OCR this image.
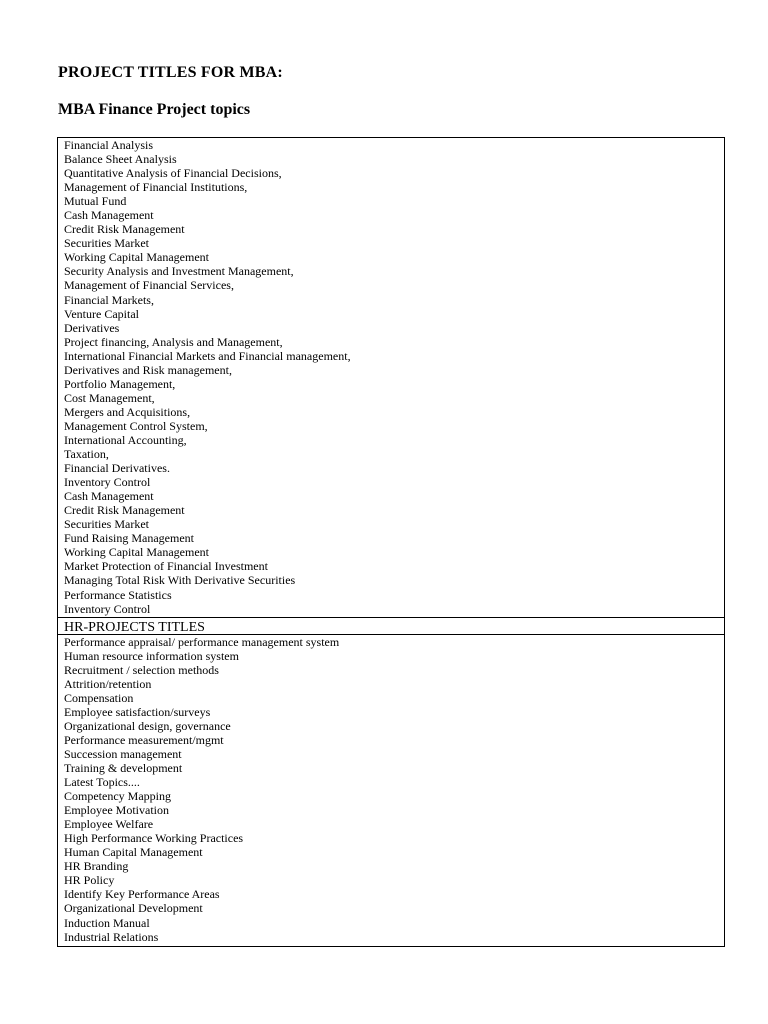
PROJECT TITLES FOR MBA:
MBA Finance Project topics
Financial Analysis
Balance Sheet Analysis
Quantitative Analysis of Financial Decisions,
Management of Financial Institutions,
Mutual Fund
Cash Management
Credit Risk Management
Securities Market
Working Capital Management
Security Analysis and Investment Management,
Management of Financial Services,
Financial Markets,
Venture Capital
Derivatives
Project financing, Analysis and Management,
International Financial Markets and Financial management,
Derivatives and Risk management,
Portfolio Management,
Cost Management,
Mergers and Acquisitions,
Management Control System,
International Accounting,
Taxation,
Financial Derivatives.
Inventory Control
Cash Management
Credit Risk Management
Securities Market
Fund Raising Management
Working Capital Management
Market Protection of Financial Investment
Managing Total Risk With Derivative Securities
Performance Statistics
Inventory Control
HR-PROJECTS TITLES
Performance appraisal/ performance management system
Human resource information system
Recruitment / selection methods
Attrition/retention
Compensation
Employee satisfaction/surveys
Organizational design, governance
Performance measurement/mgmt
Succession management
Training & development
Latest Topics....
Competency Mapping
Employee Motivation
Employee Welfare
High Performance Working Practices
Human Capital Management
HR Branding
HR Policy
Identify Key Performance Areas
Organizational Development
Induction Manual
Industrial Relations
